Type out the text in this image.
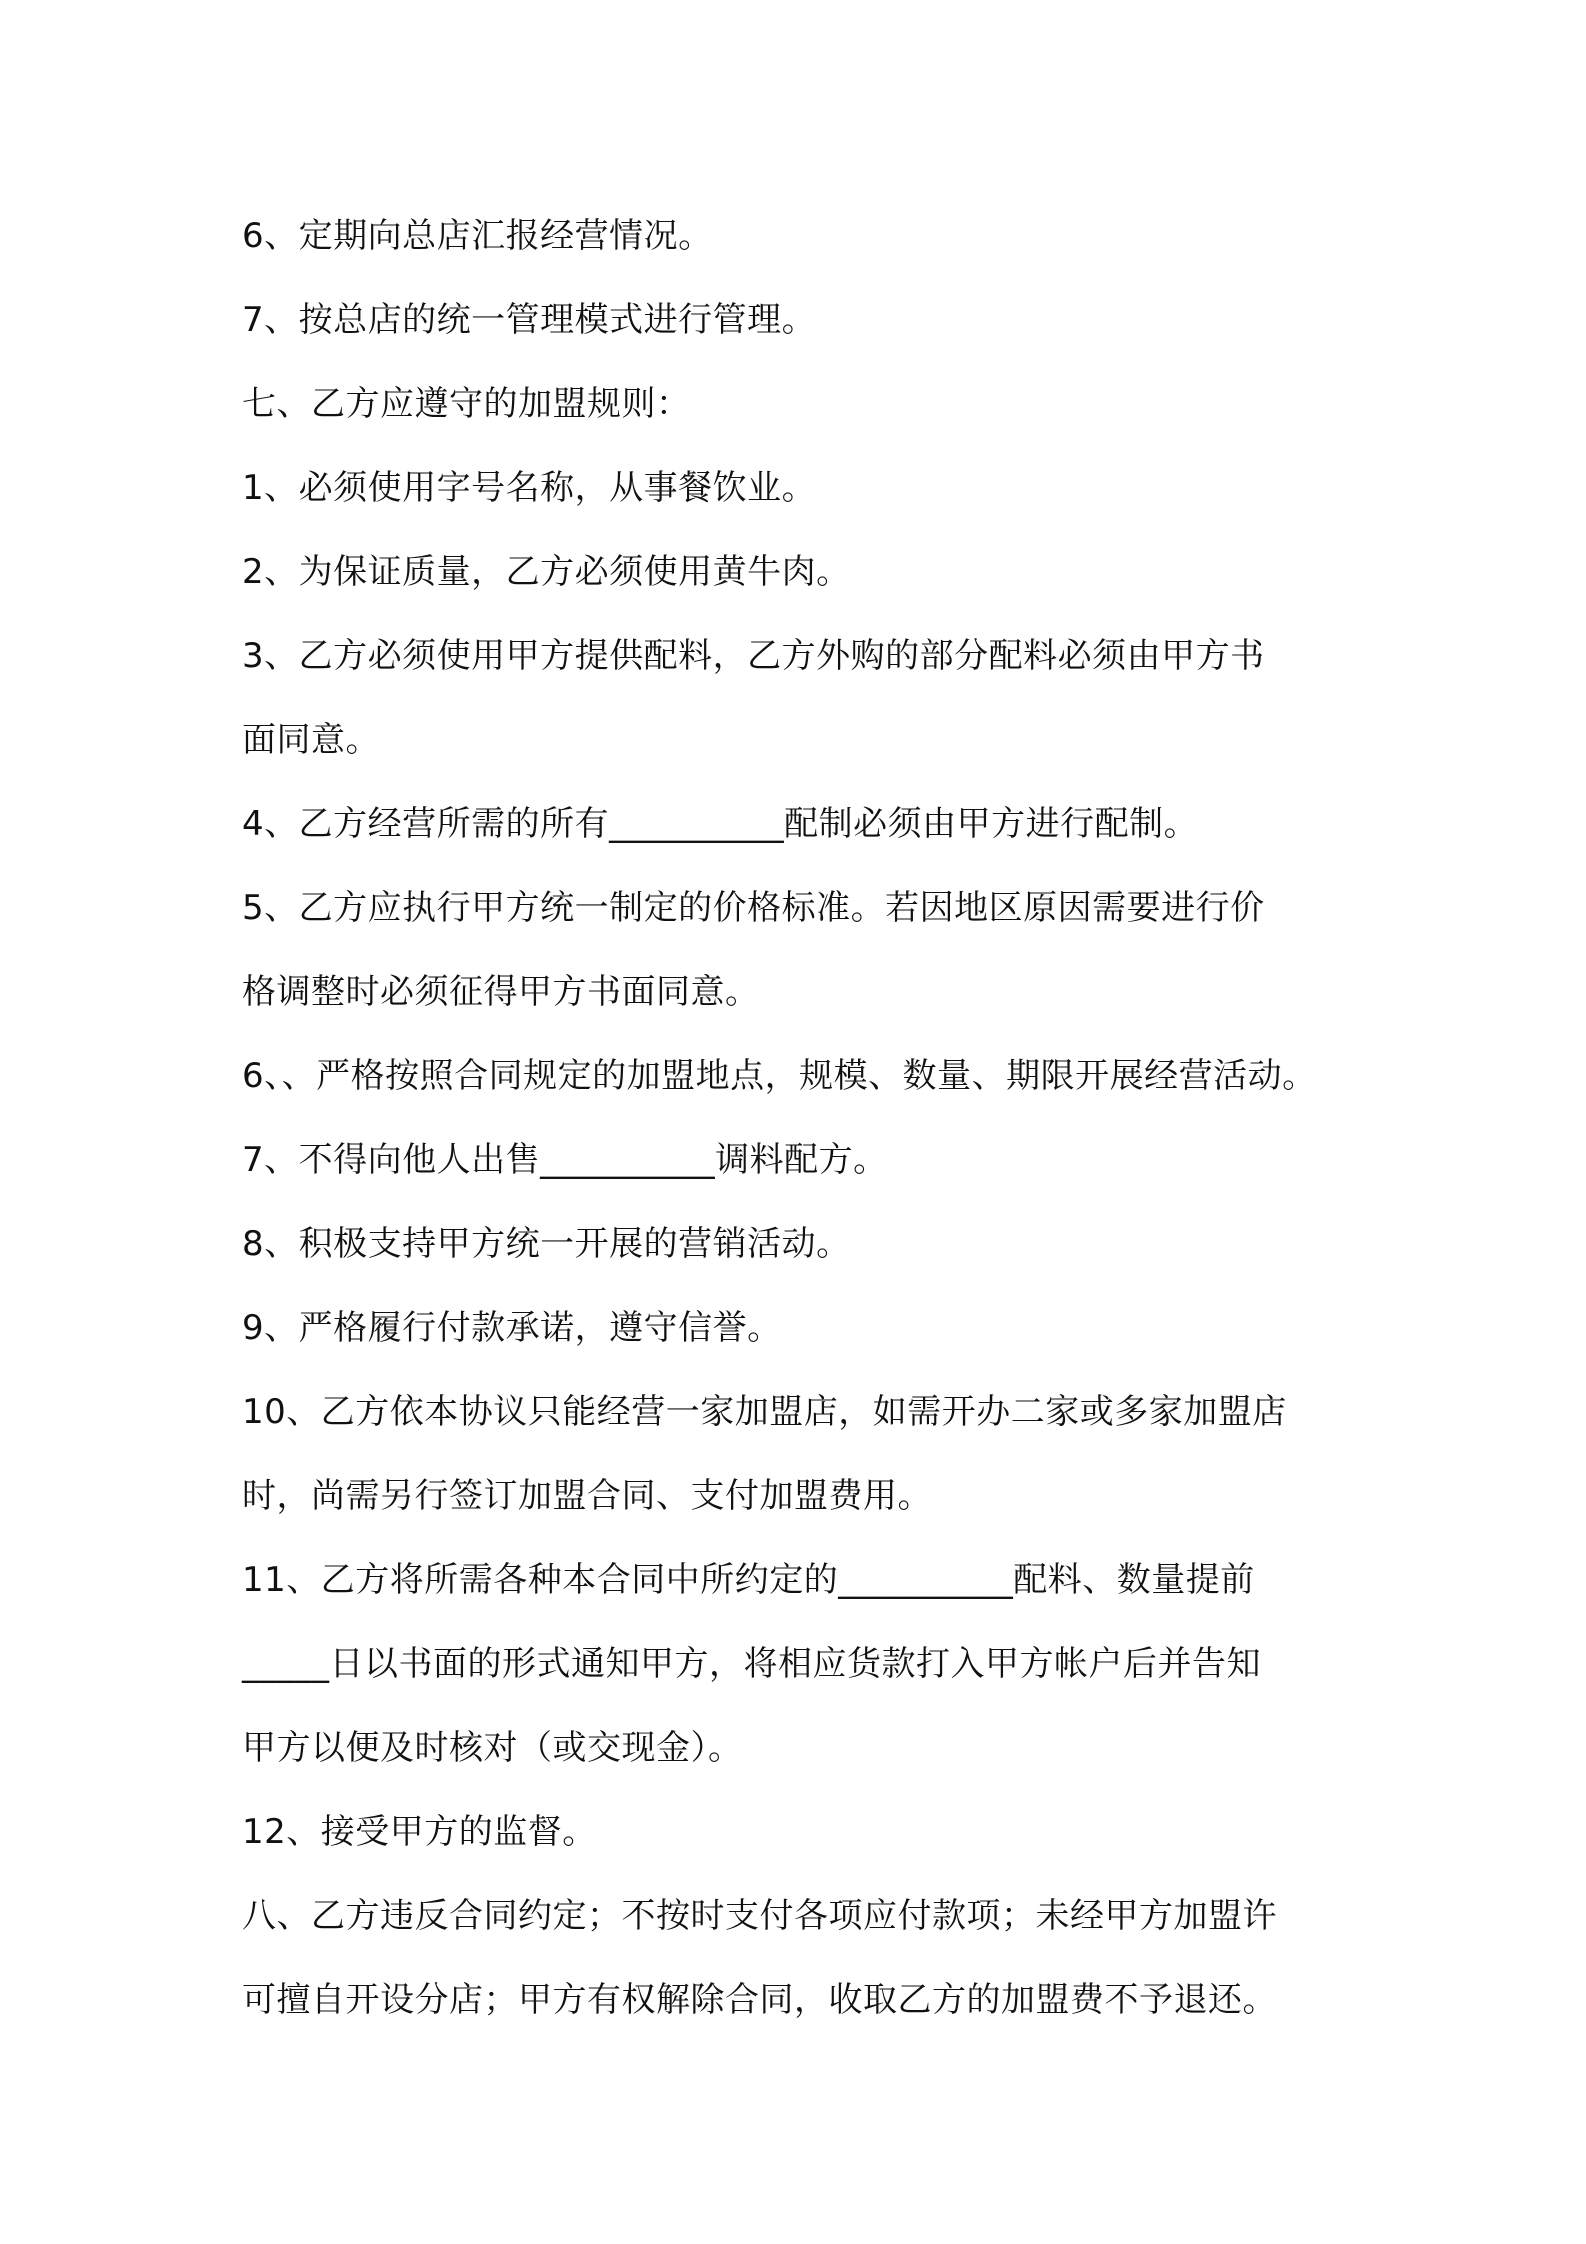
6、定期向总店汇报经营情况。
7、按总店的统一管理模式进行管理。
七、乙方应遵守的加盟规则：
1、必须使用字号名称，从事餐饮业。
2、为保证质量，乙方必须使用黄牛肉。
3、乙方必须使用甲方提供配料，乙方外购的部分配料必须由甲方书
面同意。
4、乙方经营所需的所有__________配制必须由甲方进行配制。
5、乙方应执行甲方统一制定的价格标准。若因地区原因需要进行价
格调整时必须征得甲方书面同意。
6、、严格按照合同规定的加盟地点，规模、数量、期限开展经营活动。
7、不得向他人出售__________调料配方。
8、积极支持甲方统一开展的营销活动。
9、严格履行付款承诺，遵守信誉。
10、乙方依本协议只能经营一家加盟店，如需开办二家或多家加盟店
时，尚需另行签订加盟合同、支付加盟费用。
11、乙方将所需各种本合同中所约定的__________配料、数量提前
_____日以书面的形式通知甲方，将相应货款打入甲方帐户后并告知
甲方以便及时核对（或交现金）。
12、接受甲方的监督。
八、乙方违反合同约定；不按时支付各项应付款项；未经甲方加盟许
可擅自开设分店；甲方有权解除合同，收取乙方的加盟费不予退还。
